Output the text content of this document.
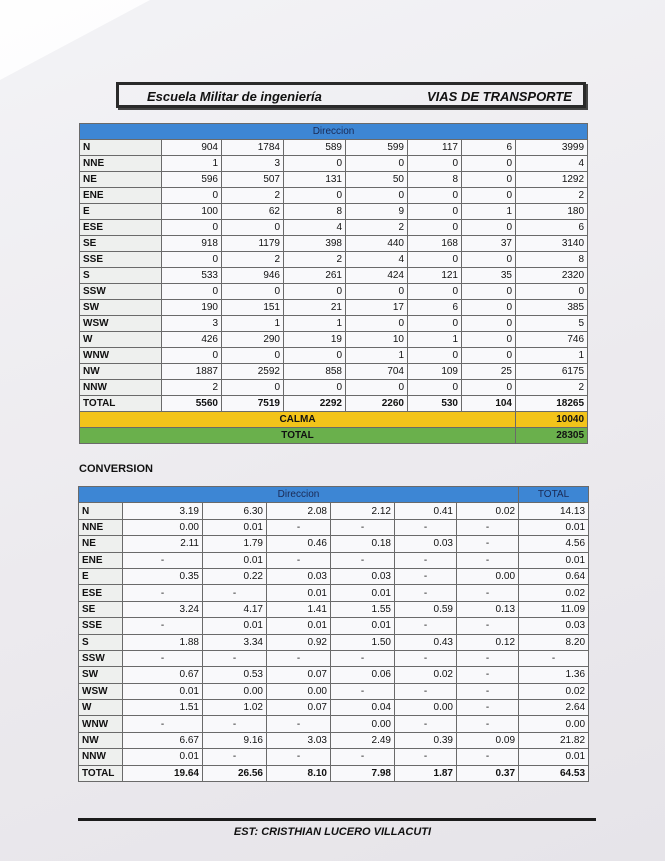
Escuela Militar de ingeniería	VIAS DE TRANSPORTE
Direccion							
N	904	1784	589	599	117	6	3999
NNE	1	3	0	0	0	0	4
NE	596	507	131	50	8	0	1292
ENE	0	2	0	0	0	0	2
E	100	62	8	9	0	1	180
ESE	0	0	4	2	0	0	6
SE	918	1179	398	440	168	37	3140
SSE	0	2	2	4	0	0	8
S	533	946	261	424	121	35	2320
SSW	0	0	0	0	0	0	0
SW	190	151	21	17	6	0	385
WSW	3	1	1	0	0	0	5
W	426	290	19	10	1	0	746
WNW	0	0	0	1	0	0	1
NW	1887	2592	858	704	109	25	6175
NNW	2	0	0	0	0	0	2
TOTAL	5560	7519	2292	2260	530	104	18265
CALMA							10040
TOTAL							28305
CONVERSION
Direccion							TOTAL
N	3.19	6.30	2.08	2.12	0.41	0.02	14.13
NNE	0.00	0.01	-	-	-	-	0.01
NE	2.11	1.79	0.46	0.18	0.03	-	4.56
ENE	-	0.01	-	-	-	-	0.01
E	0.35	0.22	0.03	0.03	-	0.00	0.64
ESE	-	-	0.01	0.01	-	-	0.02
SE	3.24	4.17	1.41	1.55	0.59	0.13	11.09
SSE	-	0.01	0.01	0.01	-	-	0.03
S	1.88	3.34	0.92	1.50	0.43	0.12	8.20
SSW	-	-	-	-	-	-	-
SW	0.67	0.53	0.07	0.06	0.02	-	1.36
WSW	0.01	0.00	0.00	-	-	-	0.02
W	1.51	1.02	0.07	0.04	0.00	-	2.64
WNW	-	-	-	0.00	-	-	0.00
NW	6.67	9.16	3.03	2.49	0.39	0.09	21.82
NNW	0.01	-	-	-	-	-	0.01
TOTAL	19.64	26.56	8.10	7.98	1.87	0.37	64.53
EST: CRISTHIAN LUCERO VILLACUTI
